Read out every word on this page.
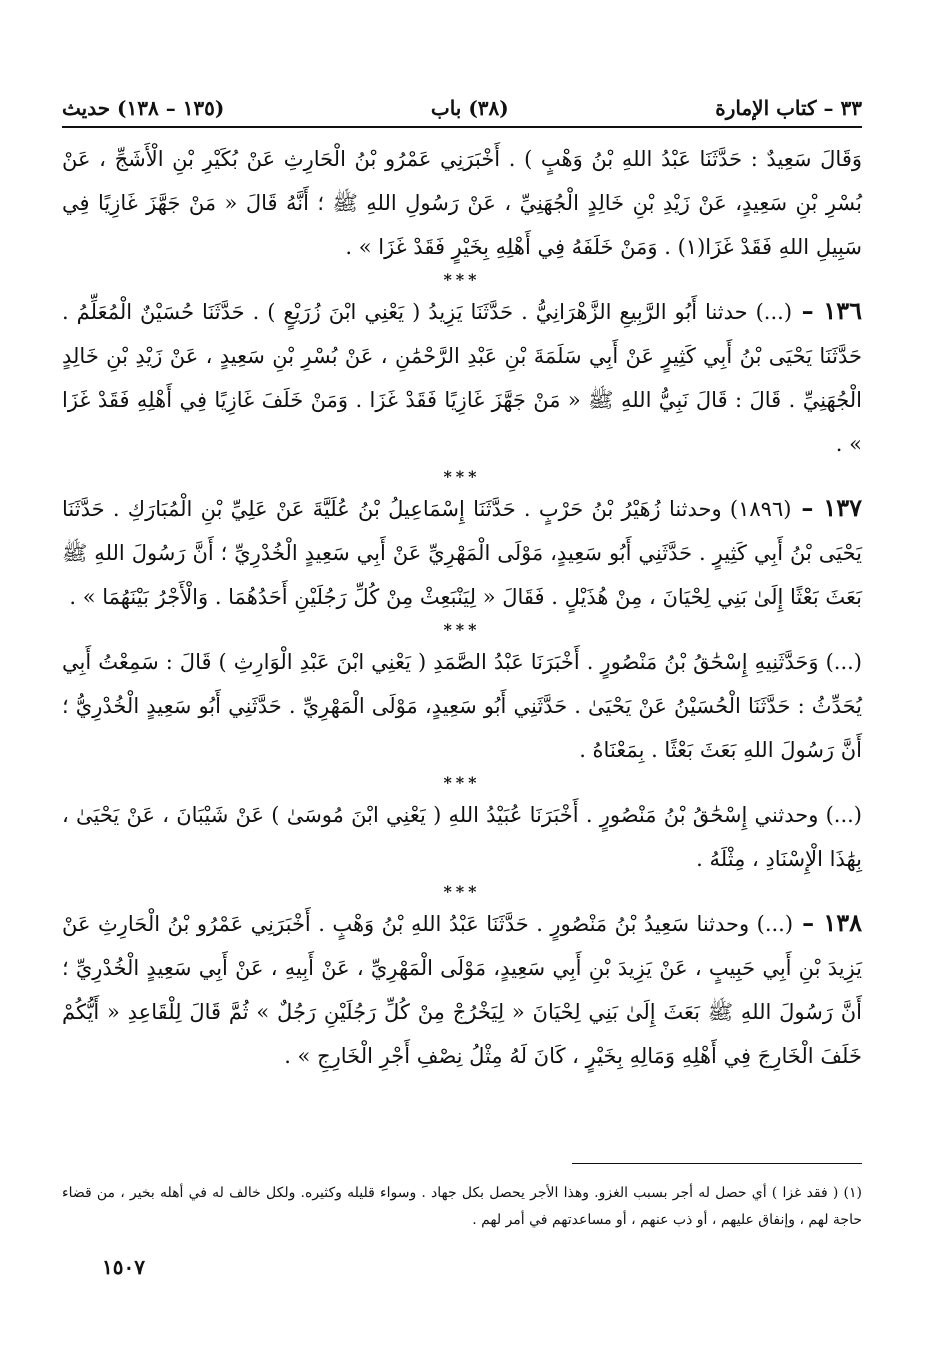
٣٣ – كتاب الإمارة
(٣٨) باب
(١٣٥ – ١٣٨) حديث

وَقَالَ سَعِيدٌ : حَدَّثَنَا عَبْدُ اللهِ بْنُ وَهْبٍ ) . أَخْبَرَنِي عَمْرُو بْنُ الْحَارِثِ عَنْ بُكَيْرِ بْنِ الْأَشَجِّ ، عَنْ بُسْرِ بْنِ سَعِيدٍ، عَنْ زَيْدِ بْنِ خَالِدٍ الْجُهَنِيِّ ، عَنْ رَسُولِ اللهِ ﷺ ؛ أَنَّهُ قَالَ « مَنْ جَهَّزَ غَازِيًا فِي سَبِيلِ اللهِ فَقَدْ غَزَا(١) . وَمَنْ خَلَفَهُ فِي أَهْلِهِ بِخَيْرٍ فَقَدْ غَزَا » .

***

١٣٦ – (...) حدثنا أَبُو الرَّبِيعِ الزَّهْرَانِيُّ . حَدَّثَنَا يَزِيدُ ( يَعْنِي ابْنَ زُرَيْعٍ ) . حَدَّثَنَا حُسَيْنٌ الْمُعَلِّمُ . حَدَّثَنَا يَحْيَى بْنُ أَبِي كَثِيرٍ عَنْ أَبِي سَلَمَةَ بْنِ عَبْدِ الرَّحْمَٰنِ ، عَنْ بُسْرِ بْنِ سَعِيدٍ ، عَنْ زَيْدِ بْنِ خَالِدٍ الْجُهَنِيِّ . قَالَ : قَالَ نَبِيُّ اللهِ ﷺ « مَنْ جَهَّزَ غَازِيًا فَقَدْ غَزَا . وَمَنْ خَلَفَ غَازِيًا فِي أَهْلِهِ فَقَدْ غَزَا » .

***

١٣٧ – (١٨٩٦) وحدثنا زُهَيْرُ بْنُ حَرْبٍ . حَدَّثَنَا إِسْمَاعِيلُ بْنُ عُلَيَّةَ عَنْ عَلِيِّ بْنِ الْمُبَارَكِ . حَدَّثَنَا يَحْيَى بْنُ أَبِي كَثِيرٍ . حَدَّثَنِي أَبُو سَعِيدٍ، مَوْلَى الْمَهْرِيِّ عَنْ أَبِي سَعِيدٍ الْخُدْرِيِّ ؛ أَنَّ رَسُولَ اللهِ ﷺ بَعَثَ بَعْثًا إِلَىٰ بَنِي لِحْيَانَ ، مِنْ هُذَيْلٍ . فَقَالَ « لِيَنْبَعِثْ مِنْ كُلِّ رَجُلَيْنِ أَحَدُهُمَا . وَالْأَجْرُ بَيْنَهُمَا » .

***

(...) وَحَدَّثَنِيهِ إِسْحَٰقُ بْنُ مَنْصُورٍ . أَخْبَرَنَا عَبْدُ الصَّمَدِ ( يَعْنِي ابْنَ عَبْدِ الْوَارِثِ ) قَالَ : سَمِعْتُ أَبِي يُحَدِّثُ : حَدَّثَنَا الْحُسَيْنُ عَنْ يَحْيَىٰ . حَدَّثَنِي أَبُو سَعِيدٍ، مَوْلَى الْمَهْرِيِّ . حَدَّثَنِي أَبُو سَعِيدٍ الْخُدْرِيُّ ؛ أَنَّ رَسُولَ اللهِ بَعَثَ بَعْثًا . بِمَعْنَاهُ .

***

(...) وحدثني إِسْحَٰقُ بْنُ مَنْصُورٍ . أَخْبَرَنَا عُبَيْدُ اللهِ ( يَعْنِي ابْنَ مُوسَىٰ ) عَنْ شَيْبَانَ ، عَنْ يَحْيَىٰ ، بِهَٰذَا الْإِسْنَادِ ، مِثْلَهُ .

***

١٣٨ – (...) وحدثنا سَعِيدُ بْنُ مَنْصُورٍ . حَدَّثَنَا عَبْدُ اللهِ بْنُ وَهْبٍ . أَخْبَرَنِي عَمْرُو بْنُ الْحَارِثِ عَنْ يَزِيدَ بْنِ أَبِي حَبِيبٍ ، عَنْ يَزِيدَ بْنِ أَبِي سَعِيدٍ، مَوْلَى الْمَهْرِيِّ ، عَنْ أَبِيهِ ، عَنْ أَبِي سَعِيدٍ الْخُدْرِيِّ ؛ أَنَّ رَسُولَ اللهِ ﷺ بَعَثَ إِلَىٰ بَنِي لِحْيَانَ « لِيَخْرُجْ مِنْ كُلِّ رَجُلَيْنِ رَجُلٌ » ثُمَّ قَالَ لِلْقَاعِدِ « أَيُّكُمْ خَلَفَ الْخَارِجَ فِي أَهْلِهِ وَمَالِهِ بِخَيْرٍ ، كَانَ لَهُ مِثْلُ نِصْفِ أَجْرِ الْخَارِجِ » .

(١) ( فقد غزا ) أي حصل له أجر بسبب الغزو. وهذا الأجر يحصل بكل جهاد . وسواء قليله وكثيره. ولكل خالف له في أهله بخير ، من قضاء حاجة لهم ، وإنفاق عليهم ، أو ذب عنهم ، أو مساعدتهم في أمر لهم .

١٥٠٧
